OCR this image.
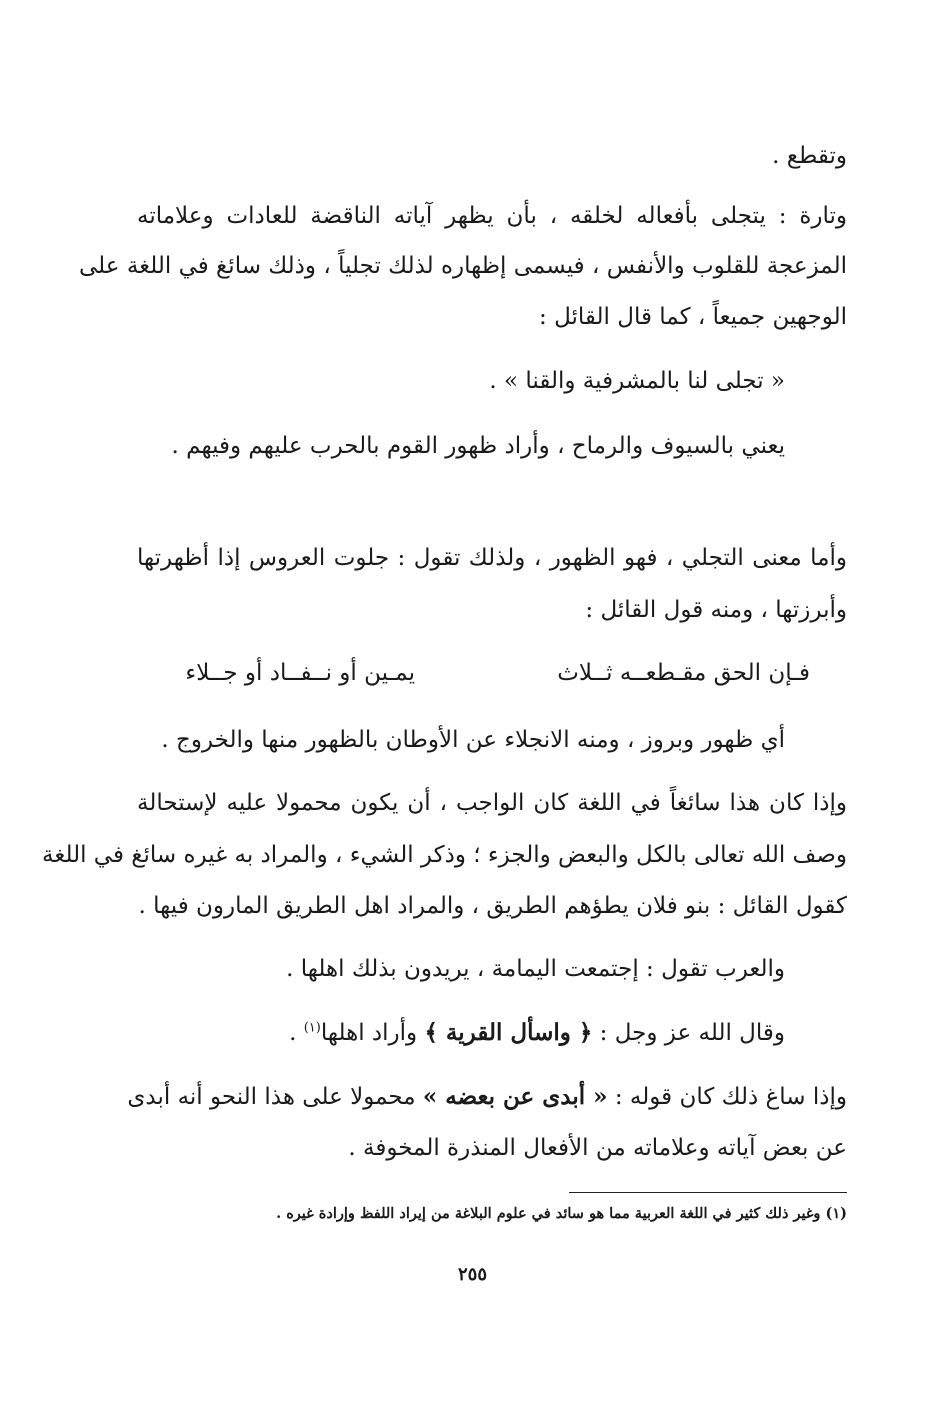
وتقطع .
وتارة : يتجلى بأفعاله لخلقه ، بأن يظهر آياته الناقضة للعادات وعلاماته
المزعجة للقلوب والأنفس ، فيسمى إظهاره لذلك تجلياً ، وذلك سائغ في اللغة على
الوجهين جميعاً ، كما قال القائل :
« تجلى لنا بالمشرفية والقنا » .
يعني بالسيوف والرماح ، وأراد ظهور القوم بالحرب عليهم وفيهم .
وأما معنى التجلي ، فهو الظهور ، ولذلك تقول : جلوت العروس إذا أظهرتها
وأبرزتها ، ومنه قول القائل :
فـإن الحق مقـطعــه ثــلاث
يمـين أو نــفــاد أو جــلاء
أي ظهور وبروز ، ومنه الانجلاء عن الأوطان بالظهور منها والخروج .
وإذا كان هذا سائغاً في اللغة كان الواجب ، أن يكون محمولا عليه لإستحالة
وصف الله تعالى بالكل والبعض والجزء ؛ وذكر الشيء ، والمراد به غيره سائغ في اللغة
كقول القائل : بنو فلان يطؤهم الطريق ، والمراد اهل الطريق المارون فيها .
والعرب تقول : إجتمعت اليمامة ، يريدون بذلك اهلها .
وقال الله عز وجل : ﴿ واسأل القرية ﴾ وأراد اهلها$^{(١)}$ .
وإذا ساغ ذلك كان قوله : « أبدى عن بعضه » محمولا على هذا النحو أنه أبدى
عن بعض آياته وعلاماته من الأفعال المنذرة المخوفة .
(١) وغير ذلك كثير في اللغة العربية مما هو سائد في علوم البلاغة من إيراد اللفظ وإرادة غيره .
٢٥٥
